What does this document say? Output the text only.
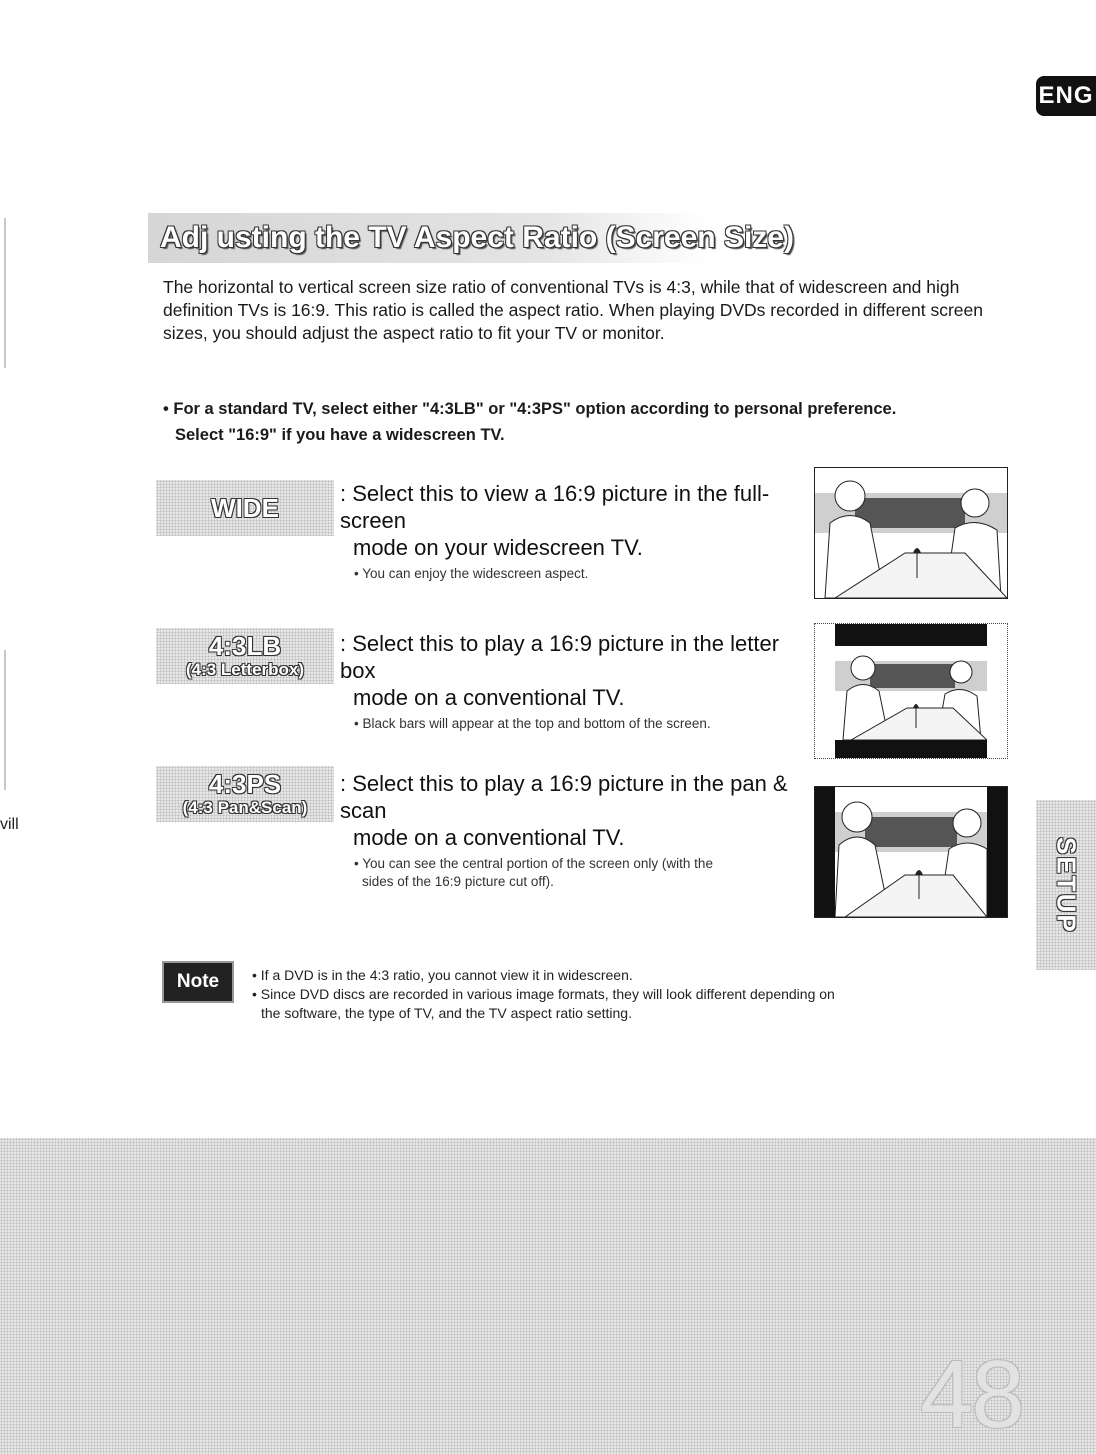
ENG
vill
Adj usting the TV Aspect Ratio (Screen Size)

The horizontal to vertical screen size ratio of conventional TVs is 4:3, while that of widescreen and high definition TVs is 16:9. This ratio is called the aspect ratio. When playing DVDs recorded in different screen sizes, you should adjust the aspect ratio to fit your TV or monitor.

• For a standard TV, select either "4:3LB" or "4:3PS" option according to personal preference.
Select "16:9" if you have a widescreen TV.
WIDE	: Select this to view a 16:9 picture in the full-screen
mode on your widescreen TV.
• You can enjoy the widescreen aspect.
4:3LB
(4:3 Letterbox)
: Select this to play a 16:9 picture in the letter box
mode on a conventional TV.
• Black bars will appear at the top and bottom of the screen.
4:3PS
(4:3 Pan&Scan)
: Select this to play a 16:9 picture in the pan & scan
mode on a conventional TV.
• You can see the central portion of the screen only (with the
sides of the 16:9 picture cut off).
Note	• If a DVD is in the 4:3 ratio, you cannot view it in widescreen.
• Since DVD discs are recorded in various image formats, they will look different depending on
the software, the type of TV, and the TV aspect ratio setting.
SETUP
48
